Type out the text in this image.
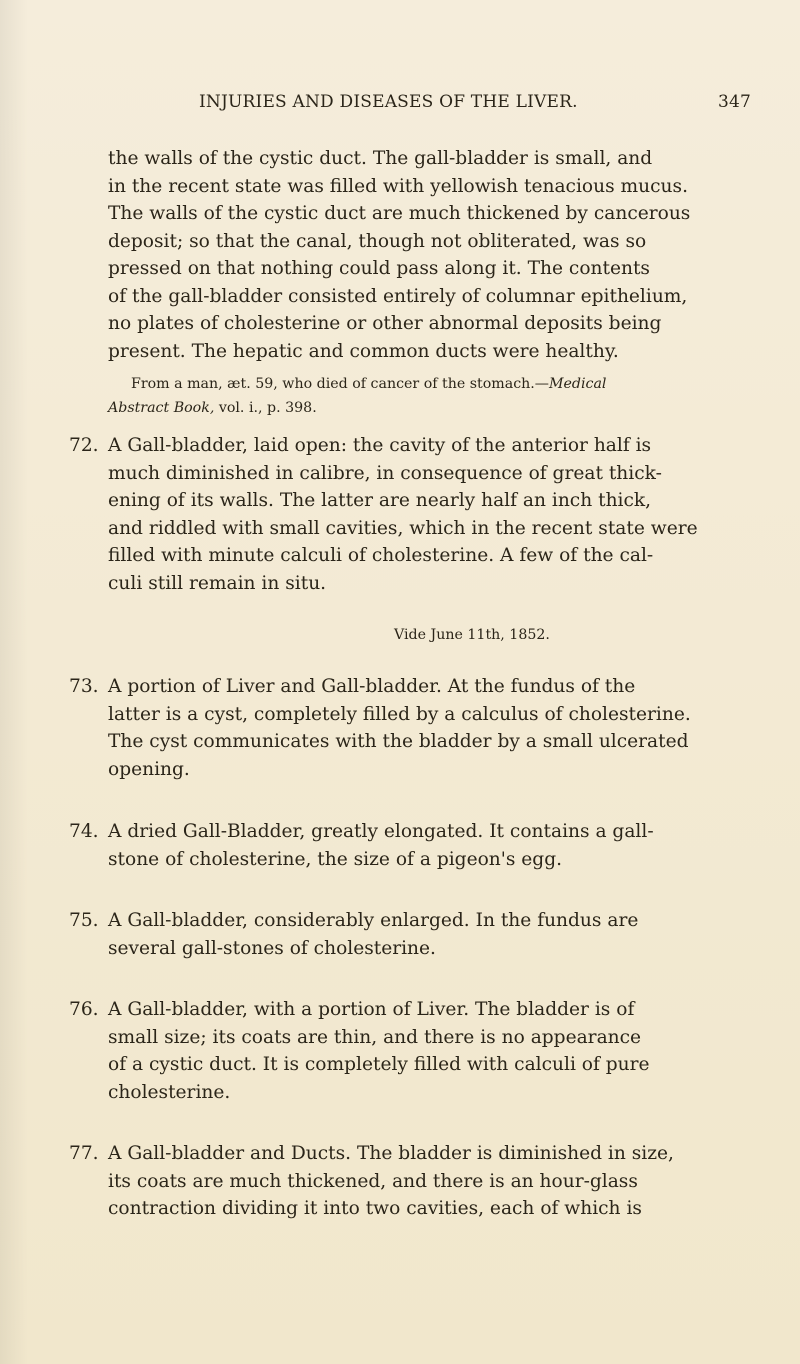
INJURIES AND DISEASES OF THE LIVER.	347
the walls of the cystic duct. The gall-bladder is small, and
in the recent state was filled with yellowish tenacious mucus.
The walls of the cystic duct are much thickened by cancerous
deposit; so that the canal, though not obliterated, was so
pressed on that nothing could pass along it. The contents
of the gall-bladder consisted entirely of columnar epithelium,
no plates of cholesterine or other abnormal deposits being
present. The hepatic and common ducts were healthy.
From a man, æt. 59, who died of cancer of the stomach.—Medical
Abstract Book, vol. i., p. 398.
72. A Gall-bladder, laid open: the cavity of the anterior half is
much diminished in calibre, in consequence of great thick-
ening of its walls. The latter are nearly half an inch thick,
and riddled with small cavities, which in the recent state were
filled with minute calculi of cholesterine. A few of the cal-
culi still remain in situ.
Vide June 11th, 1852.
73. A portion of Liver and Gall-bladder. At the fundus of the
latter is a cyst, completely filled by a calculus of cholesterine.
The cyst communicates with the bladder by a small ulcerated
opening.
74. A dried Gall-Bladder, greatly elongated. It contains a gall-
stone of cholesterine, the size of a pigeon's egg.
75. A Gall-bladder, considerably enlarged. In the fundus are
several gall-stones of cholesterine.
76. A Gall-bladder, with a portion of Liver. The bladder is of
small size; its coats are thin, and there is no appearance
of a cystic duct. It is completely filled with calculi of pure
cholesterine.
77. A Gall-bladder and Ducts. The bladder is diminished in size,
its coats are much thickened, and there is an hour-glass
contraction dividing it into two cavities, each of which is
